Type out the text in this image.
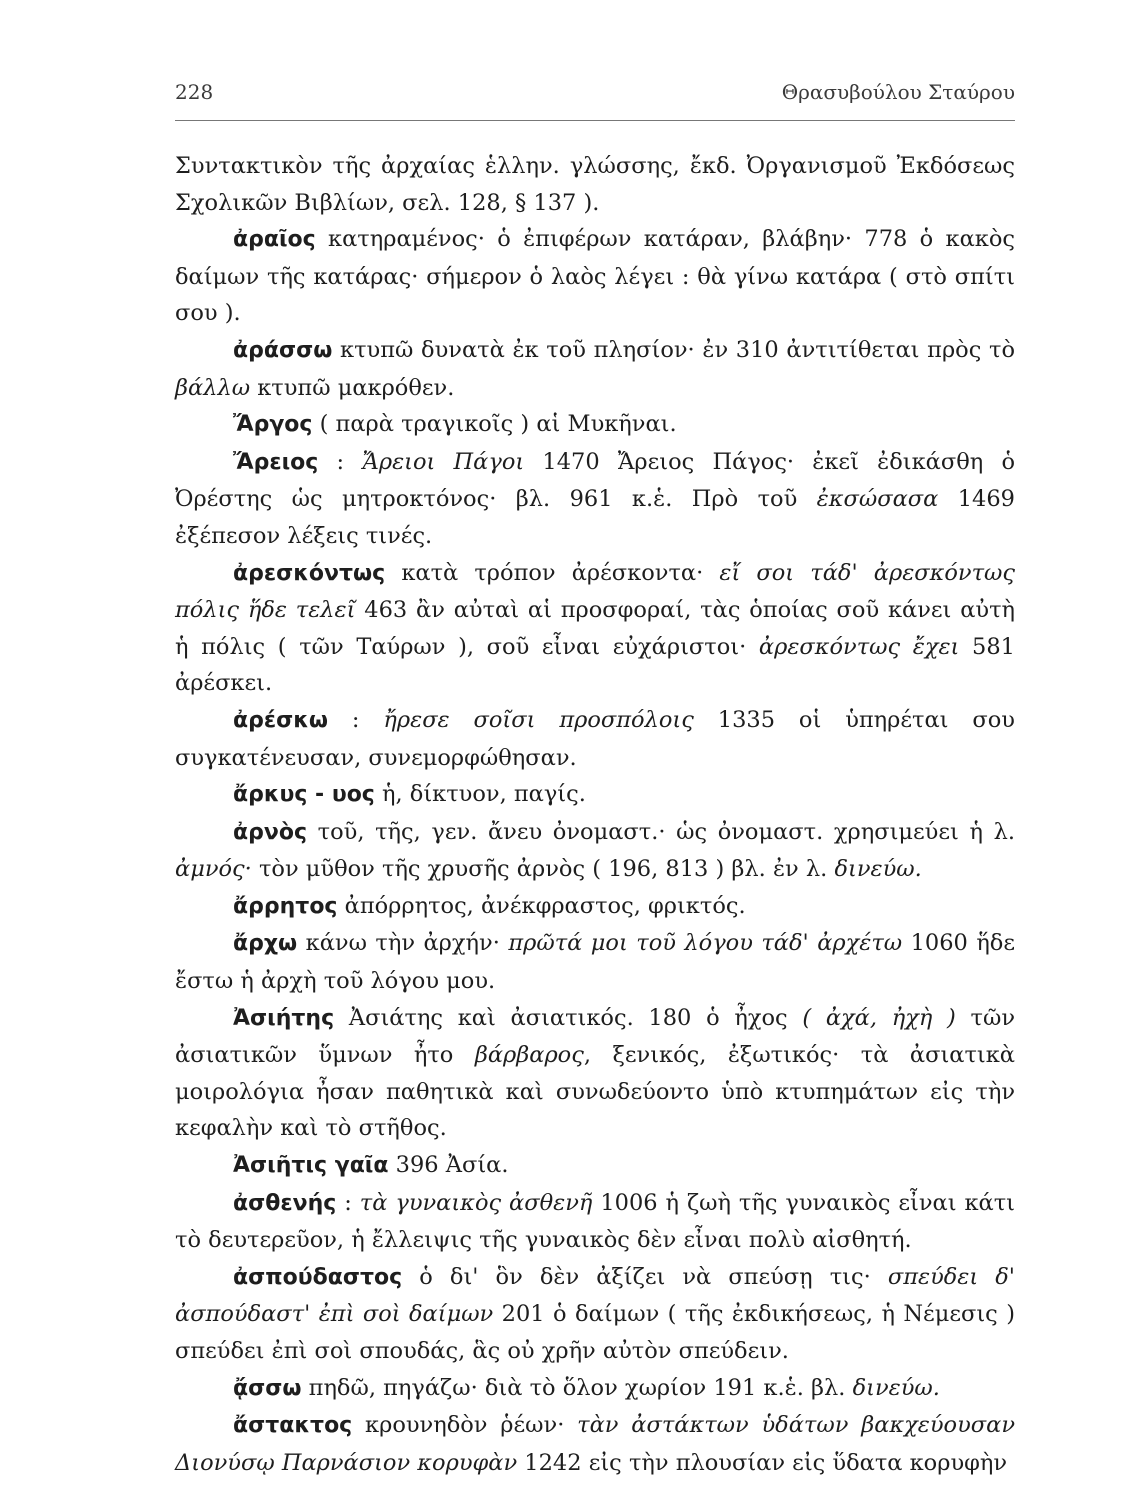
228	Θρασυβούλου Σταύρου

Συντακτικὸν τῆς ἀρχαίας ἑλλην. γλώσσης, ἔκδ. Ὀργανισμοῦ Ἐκδόσεως Σχολικῶν Βιβλίων, σελ. 128, § 137 ).

ἀραῖος κατηραμένος· ὁ ἐπιφέρων κατάραν, βλάβην· 778 ὁ κακὸς δαίμων τῆς κατάρας· σήμερον ὁ λαὸς λέγει : θὰ γίνω κατάρα ( στὸ σπίτι σου ).

ἀράσσω κτυπῶ δυνατὰ ἐκ τοῦ πλησίον· ἐν 310 ἀντιτίθεται πρὸς τὸ βάλλω κτυπῶ μακρόθεν.

Ἄργος ( παρὰ τραγικοῖς ) αἱ Μυκῆναι.

Ἄρειος : Ἄρειοι Πάγοι 1470 Ἄρειος Πάγος· ἐκεῖ ἐδικάσθη ὁ Ὀρέστης ὡς μητροκτόνος· βλ. 961 κ.ἑ. Πρὸ τοῦ ἐκσώσασα 1469 ἐξέπεσον λέξεις τινές.

ἀρεσκόντως κατὰ τρόπον ἀρέσκοντα· εἴ σοι τάδ' ἀρεσκόντως πόλις ἥδε τελεῖ 463 ἂν αὐταὶ αἱ προσφοραί, τὰς ὁποίας σοῦ κάνει αὐτὴ ἡ πόλις ( τῶν Ταύρων ), σοῦ εἶναι εὐχάριστοι· ἀρεσκόντως ἔχει 581 ἀρέσκει.

ἀρέσκω : ἤρεσε σοῖσι προσπόλοις 1335 οἱ ὑπηρέται σου συγκατένευσαν, συνεμορφώθησαν.

ἄρκυς - υος ἡ, δίκτυον, παγίς.

ἀρνὸς τοῦ, τῆς, γεν. ἄνευ ὀνομαστ.· ὡς ὀνομαστ. χρησιμεύει ἡ λ. ἀμνός· τὸν μῦθον τῆς χρυσῆς ἀρνὸς ( 196, 813 ) βλ. ἐν λ. δινεύω.

ἄρρητος ἀπόρρητος, ἀνέκφραστος, φρικτός.

ἄρχω κάνω τὴν ἀρχήν· πρῶτά μοι τοῦ λόγου τάδ' ἀρχέτω 1060 ἥδε ἔστω ἡ ἀρχὴ τοῦ λόγου μου.

Ἀσιήτης Ἀσιάτης καὶ ἀσιατικός. 180 ὁ ἦχος ( ἀχά, ἠχὴ ) τῶν ἀσιατικῶν ὕμνων ἦτο βάρβαρος, ξενικός, ἐξωτικός· τὰ ἀσιατικὰ μοιρολόγια ἦσαν παθητικὰ καὶ συνωδεύοντο ὑπὸ κτυπημάτων εἰς τὴν κεφαλὴν καὶ τὸ στῆθος.

Ἀσιῆτις γαῖα 396 Ἀσία.

ἀσθενής : τὰ γυναικὸς ἀσθενῆ 1006 ἡ ζωὴ τῆς γυναικὸς εἶναι κάτι τὸ δευτερεῦον, ἡ ἔλλειψις τῆς γυναικὸς δὲν εἶναι πολὺ αἰσθητή.

ἀσπούδαστος ὁ δι' ὃν δὲν ἀξίζει νὰ σπεύσῃ τις· σπεύδει δ' ἀσπούδαστ' ἐπὶ σοὶ δαίμων 201 ὁ δαίμων ( τῆς ἐκδικήσεως, ἡ Νέμεσις ) σπεύδει ἐπὶ σοὶ σπουδάς, ἃς οὐ χρῆν αὐτὸν σπεύδειν.

ᾄσσω πηδῶ, πηγάζω· διὰ τὸ ὅλον χωρίον 191 κ.ἑ. βλ. δινεύω.

ἄστακτος κρουνηδὸν ῥέων· τὰν ἀστάκτων ὑδάτων βακχεύουσαν Διονύσῳ Παρνάσιον κορυφὰν 1242 εἰς τὴν πλουσίαν εἰς ὕδατα κορυφὴν
